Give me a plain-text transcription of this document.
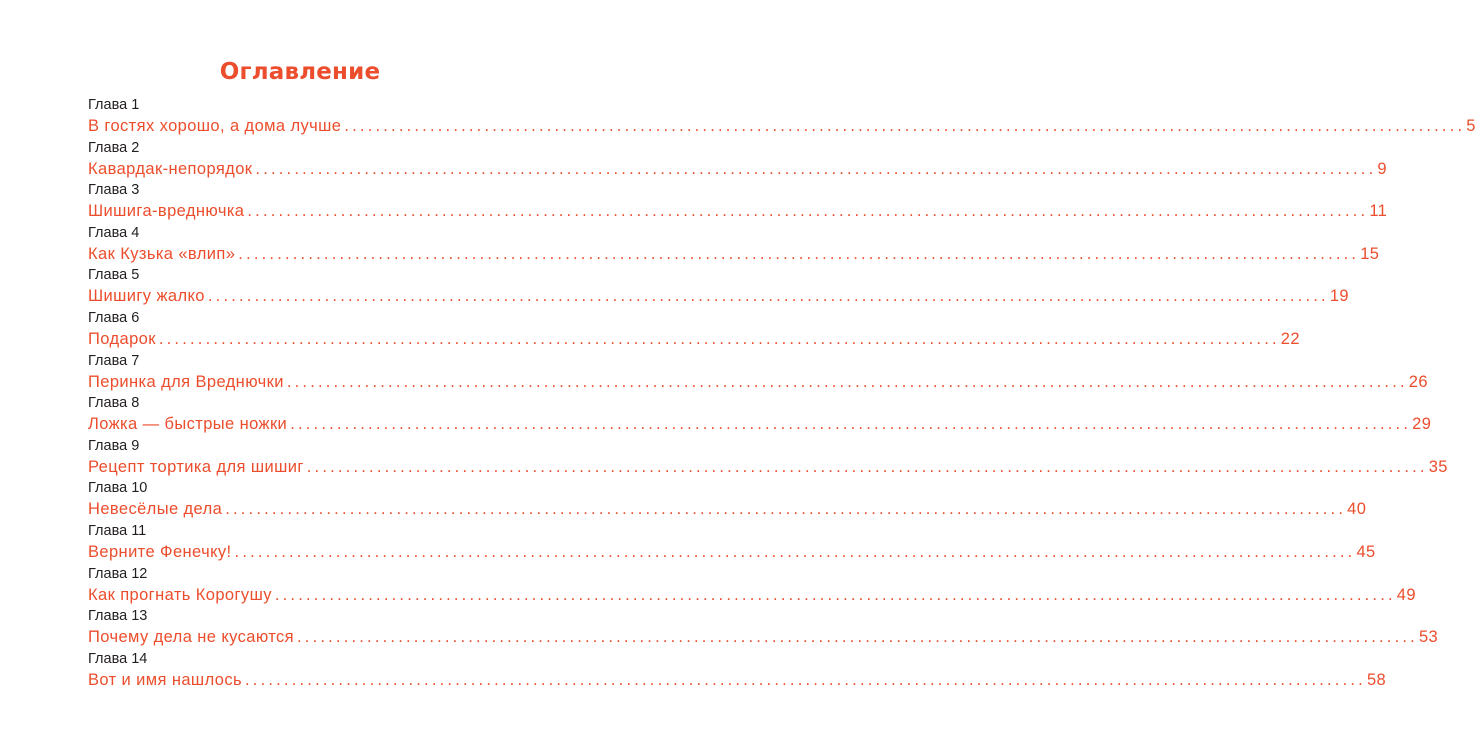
Оглавление
Глава 1
В гостях хорошо, а дома лучше ................................................................................................................................................ 5
Глава 2
Кавардак-непорядок ................................................................................................................................................ 9
Глава 3
Шишига-вреднючка ................................................................................................................................................ 11
Глава 4
Как Кузька «влип» ................................................................................................................................................ 15
Глава 5
Шишигу жалко ................................................................................................................................................ 19
Глава 6
Подарок ................................................................................................................................................ 22
Глава 7
Перинка для Вреднючки ................................................................................................................................................ 26
Глава 8
Ложка — быстрые ножки ................................................................................................................................................ 29
Глава 9
Рецепт тортика для шишиг ................................................................................................................................................ 35
Глава 10
Невесёлые дела ................................................................................................................................................ 40
Глава 11
Верните Фенечку! ................................................................................................................................................ 45
Глава 12
Как прогнать Корогушу ................................................................................................................................................ 49
Глава 13
Почему дела не кусаются ................................................................................................................................................ 53
Глава 14
Вот и имя нашлось ................................................................................................................................................ 58
